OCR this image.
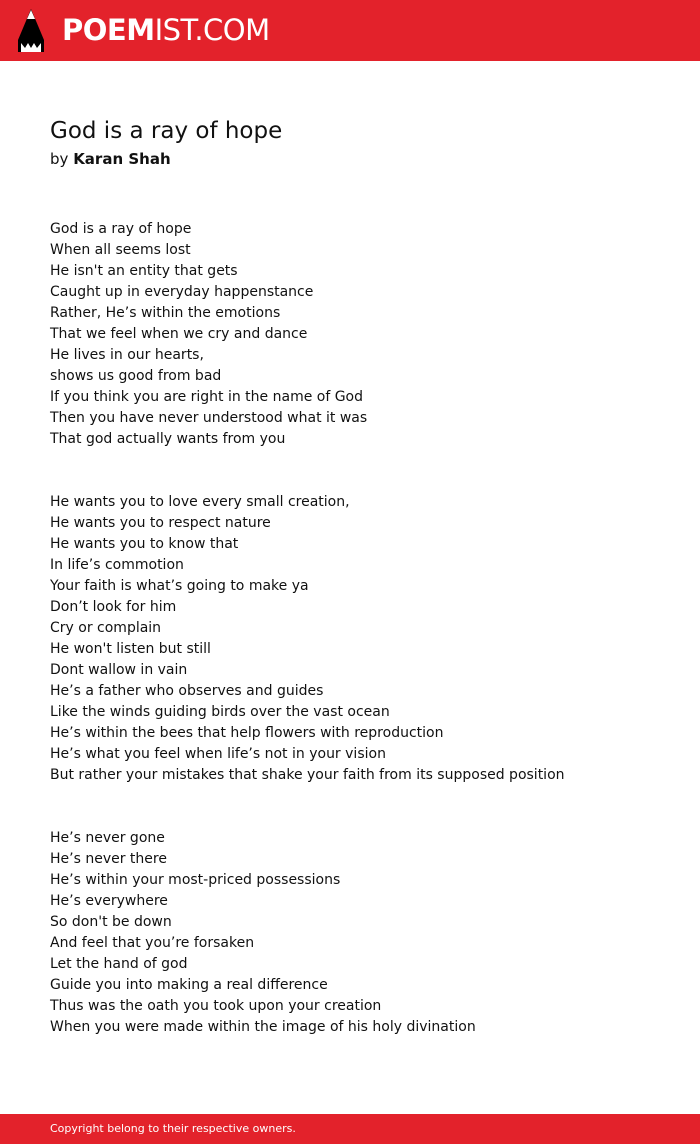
POEMIST.COM
God is a ray of hope
by Karan Shah
God is a ray of hope
When all seems lost
He isn't an entity that gets
Caught up in everyday happenstance
Rather, He’s within the emotions
That we feel when we cry and dance
He lives in our hearts,
shows us good from bad
If you think you are right in the name of God
Then you have never understood what it was
That god actually wants from you
He wants you to love every small creation,
He wants you to respect nature
He wants you to know that
In life’s commotion
Your faith is what’s going to make ya
Don’t look for him
Cry or complain
He won't listen but still
Dont wallow in vain
He’s a father who observes and guides
Like the winds guiding birds over the vast ocean
He’s within the bees that help flowers with reproduction
He’s what you feel when life’s not in your vision
But rather your mistakes that shake your faith from its supposed position
He’s never gone
He’s never there
He’s within your most-priced possessions
He’s everywhere
So don't be down
And feel that you’re forsaken
Let the hand of god
Guide you into making a real difference
Thus was the oath you took upon your creation
When you were made within the image of his holy divination
Copyright belong to their respective owners.
